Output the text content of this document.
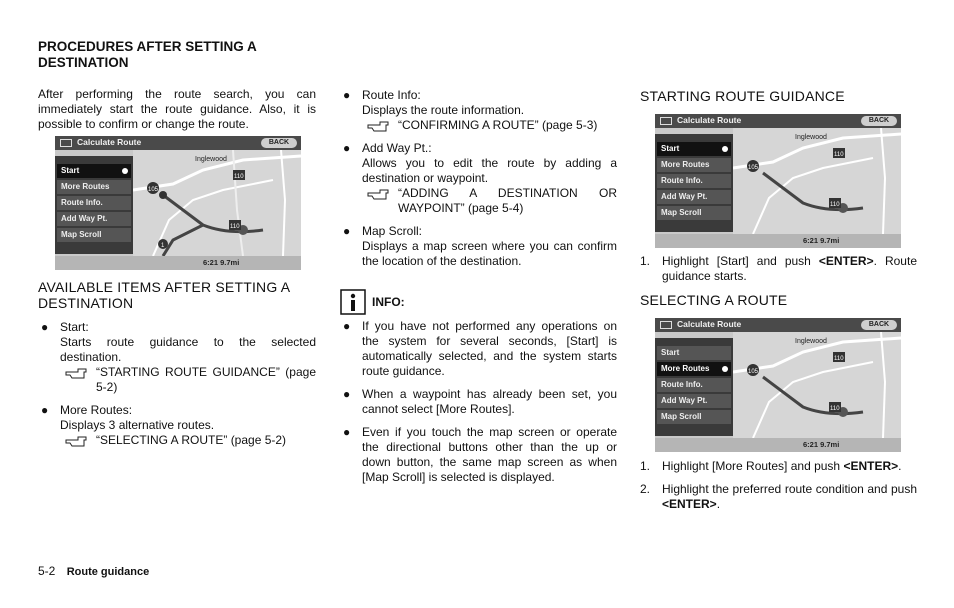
PROCEDURES AFTER SETTING A DESTINATION

After performing the route search, you can immediately start the route guidance. Also, it is possible to confirm or change the route.

Calculate Route	BACK
Inglewood
105
110
110
1
Start
More Routes
Route Info.
Add Way Pt.
Map Scroll
6:21 9.7mi
AVAILABLE ITEMS AFTER SETTING A DESTINATION
● Start:
Starts route guidance to the selected destination.
“STARTING ROUTE GUIDANCE” (page 5-2)
● More Routes:
Displays 3 alternative routes.
“SELECTING A ROUTE” (page 5-2)
5-2 Route guidance
● Route Info:
Displays the route information.
“CONFIRMING A ROUTE” (page 5-3)
● Add Way Pt.:
Allows you to edit the route by adding a destination or waypoint.
“ADDING A DESTINATION OR WAYPOINT” (page 5-4)
● Map Scroll:
Displays a map screen where you can confirm the location of the destination.
INFO:
● If you have not performed any operations on the system for several seconds, [Start] is automatically selected, and the system starts route guidance.
● When a waypoint has already been set, you cannot select [More Routes].
● Even if you touch the map screen or operate the directional buttons other than the up or down button, the same map screen as when [Map Scroll] is selected is displayed.
STARTING ROUTE GUIDANCE
Calculate Route	BACK
Inglewood
105
110
110
Start
More Routes
Route Info.
Add Way Pt.
Map Scroll
6:21 9.7mi
1. Highlight [Start] and push <ENTER>. Route guidance starts.
SELECTING A ROUTE
Calculate Route	BACK
Inglewood
105
110
110
Start
More Routes
Route Info.
Add Way Pt.
Map Scroll
6:21 9.7mi
1. Highlight [More Routes] and push <ENTER>.
2. Highlight the preferred route condition and push <ENTER>.
